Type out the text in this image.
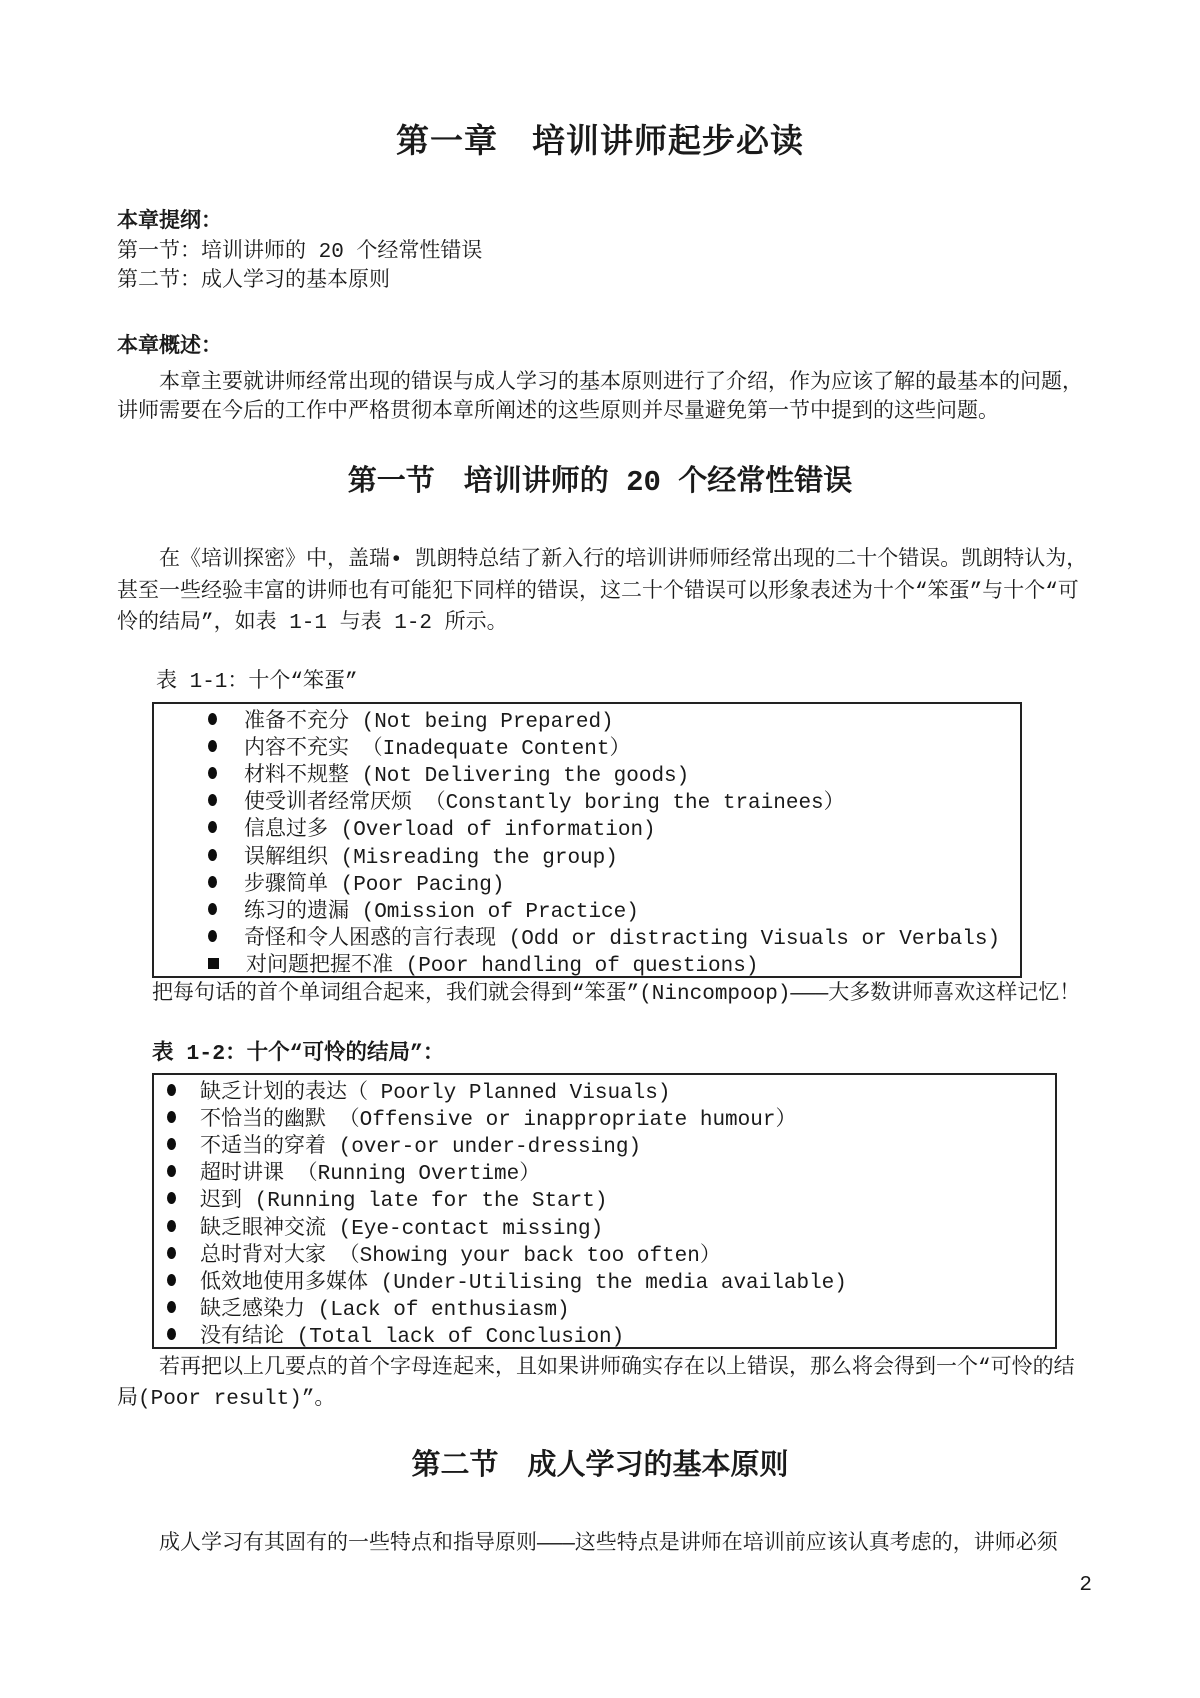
第一章　培训讲师起步必读
本章提纲：
第一节：培训讲师的 20 个经常性错误
第二节：成人学习的基本原则
本章概述：

本章主要就讲师经常出现的错误与成人学习的基本原则进行了介绍，作为应该了解的最基本的问题，讲师需要在今后的工作中严格贯彻本章所阐述的这些原则并尽量避免第一节中提到的这些问题。

第一节　培训讲师的 20 个经常性错误

在《培训探密》中，盖瑞• 凯朗特总结了新入行的培训讲师师经常出现的二十个错误。凯朗特认为，甚至一些经验丰富的讲师也有可能犯下同样的错误，这二十个错误可以形象表述为十个“笨蛋”与十个“可怜的结局”，如表 1-1 与表 1-2 所示。

表 1-1：十个“笨蛋”
准备不充分 (Not being Prepared)
内容不充实 （Inadequate Content）
材料不规整 (Not Delivering the goods)
使受训者经常厌烦 （Constantly boring the trainees）
信息过多 (Overload of information)
误解组织 (Misreading the group)
步骤简单 (Poor Pacing)
练习的遗漏 (Omission of Practice)
奇怪和令人困惑的言行表现 (Odd or distracting Visuals or Verbals)
对问题把握不准 (Poor handling of questions)
把每句话的首个单词组合起来，我们就会得到“笨蛋”(Nincompoop)———大多数讲师喜欢这样记忆！
表 1-2：十个“可怜的结局”：
缺乏计划的表达（ Poorly Planned Visuals)
不恰当的幽默 （Offensive or inappropriate humour）
不适当的穿着 (over-or under-dressing)
超时讲课 （Running Overtime）
迟到 (Running late for the Start)
缺乏眼神交流 (Eye-contact missing)
总时背对大家 （Showing your back too often）
低效地使用多媒体 (Under-Utilising the media available)
缺乏感染力 (Lack of enthusiasm)
没有结论 (Total lack of Conclusion)

若再把以上几要点的首个字母连起来，且如果讲师确实存在以上错误，那么将会得到一个“可怜的结局(Poor result)”。

第二节　成人学习的基本原则

成人学习有其固有的一些特点和指导原则———这些特点是讲师在培训前应该认真考虑的，讲师必须

2
